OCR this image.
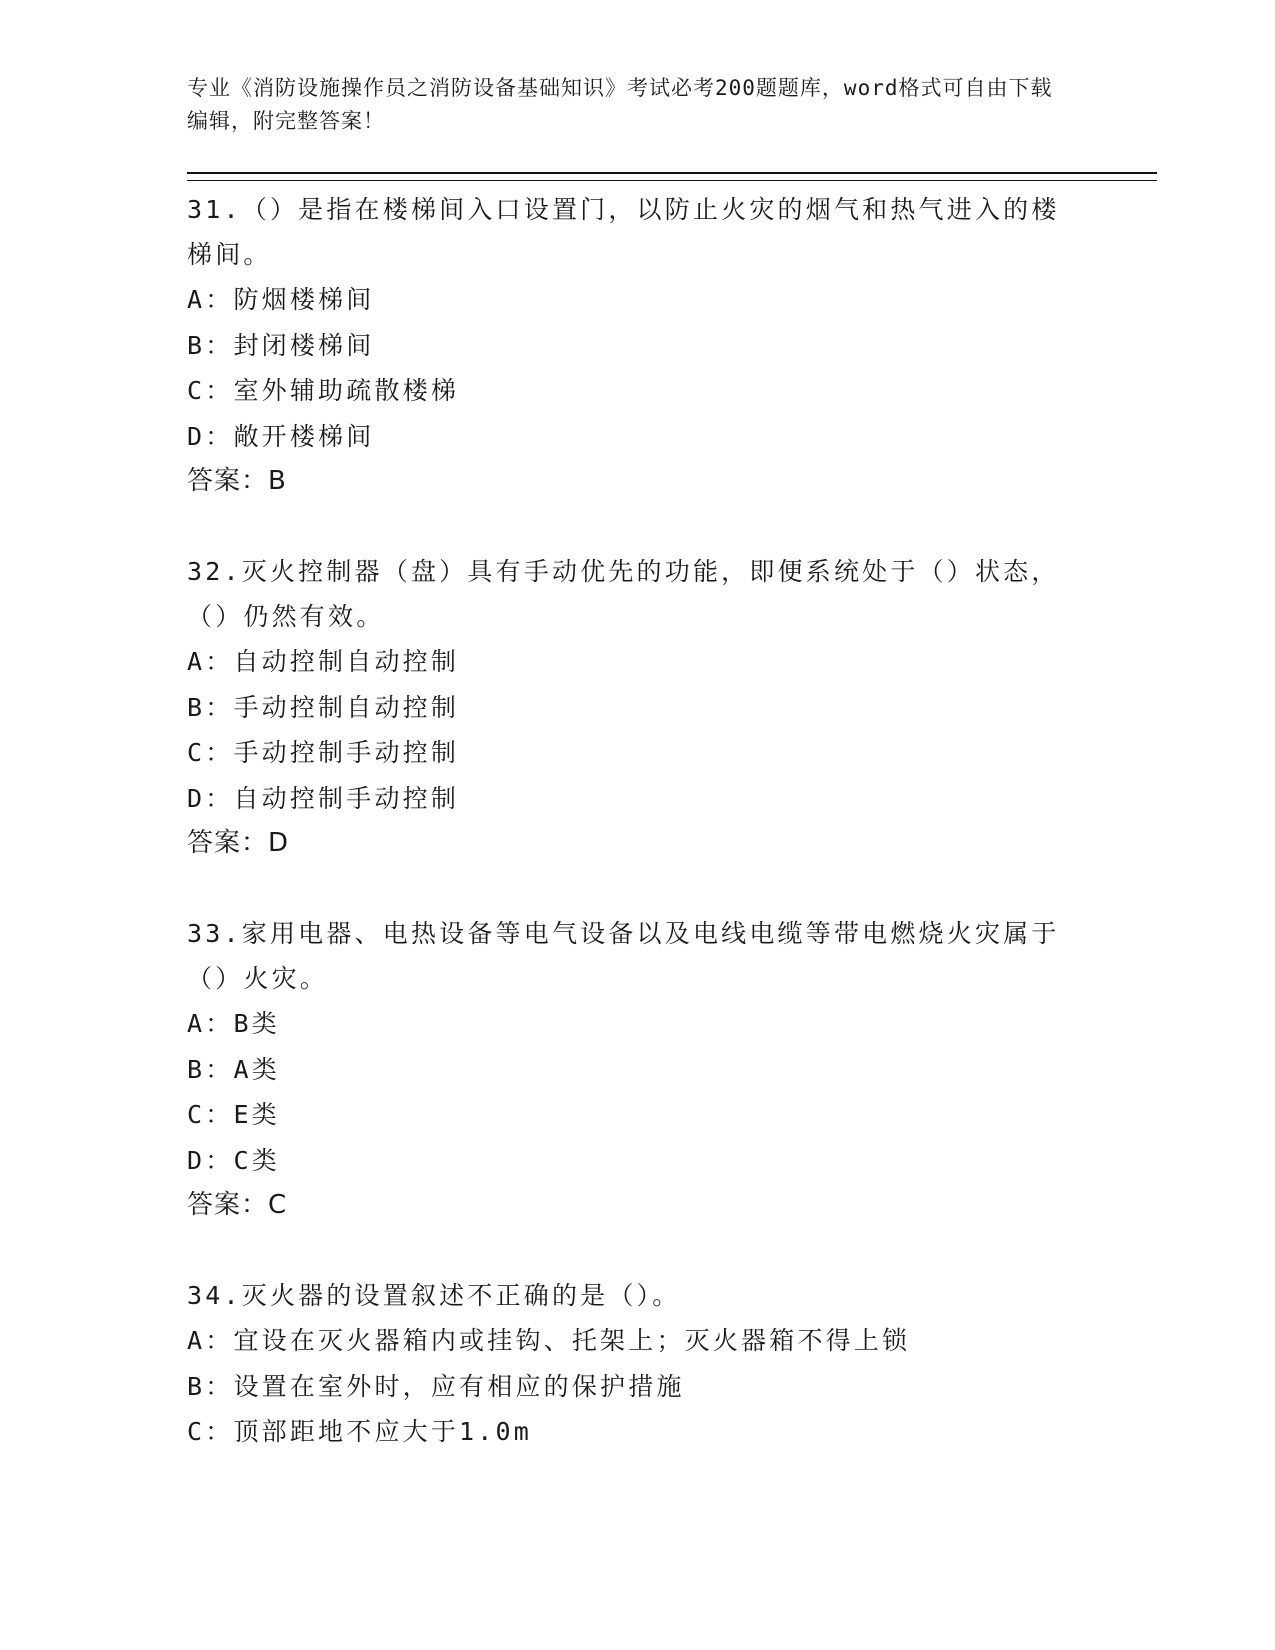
专业《消防设施操作员之消防设备基础知识》考试必考200题题库，word格式可自由下载编辑，附完整答案！

31.（）是指在楼梯间入口设置门，以防止火灾的烟气和热气进入的楼梯间。

A：防烟楼梯间

B：封闭楼梯间

C：室外辅助疏散楼梯

D：敞开楼梯间

答案：B

32.灭火控制器（盘）具有手动优先的功能，即便系统处于（）状态，（）仍然有效。

A：自动控制自动控制

B：手动控制自动控制

C：手动控制手动控制

D：自动控制手动控制

答案：D

33.家用电器、电热设备等电气设备以及电线电缆等带电燃烧火灾属于（）火灾。

A：B类

B：A类

C：E类

D：C类

答案：C

34.灭火器的设置叙述不正确的是（）。

A：宜设在灭火器箱内或挂钩、托架上；灭火器箱不得上锁

B：设置在室外时，应有相应的保护措施

C：顶部距地不应大于1.0m
